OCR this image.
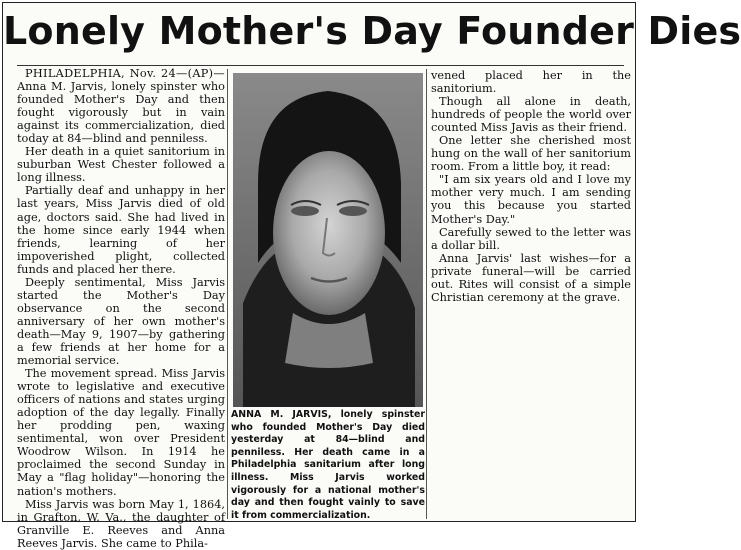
Lonely Mother's Day Founder Dies

PHILADELPHIA, Nov. 24—(AP)—Anna M. Jarvis, lonely spinster who founded Mother's Day and then fought vigorously but in vain against its commercialization, died today at 84—blind and penniless.

Her death in a quiet sanitorium in suburban West Chester followed a long illness.

Partially deaf and unhappy in her last years, Miss Jarvis died of old age, doctors said. She had lived in the home since early 1944 when friends, learning of her impoverished plight, collected funds and placed her there.

Deeply sentimental, Miss Jarvis started the Mother's Day observance on the second anniversary of her own mother's death—May 9, 1907—by gathering a few friends at her home for a memorial service.

The movement spread. Miss Jarvis wrote to legislative and executive officers of nations and states urging adoption of the day legally. Finally her prodding pen, waxing sentimental, won over President Woodrow Wilson. In 1914 he proclaimed the second Sunday in May a "flag holiday"—honoring the nation's mothers.

Miss Jarvis was born May 1, 1864, in Grafton, W. Va., the daughter of Granville E. Reeves and Anna Reeves Jarvis. She came to Phila-

ANNA M. JARVIS, lonely spinster who founded Mother's Day died yesterday at 84—blind and penniless. Her death came in a Philadelphia sanitarium after long illness. Miss Jarvis worked vigorously for a national mother's day and then fought vainly to save it from commercialization.

vened placed her in the sanitorium.

Though all alone in death, hundreds of people the world over counted Miss Javis as their friend.

One letter she cherished most hung on the wall of her sanitorium room. From a little boy, it read:

"I am six years old and I love my mother very much. I am sending you this because you started Mother's Day."

Carefully sewed to the letter was a dollar bill.

Anna Jarvis' last wishes—for a private funeral—will be carried out. Rites will consist of a simple Christian ceremony at the grave.
